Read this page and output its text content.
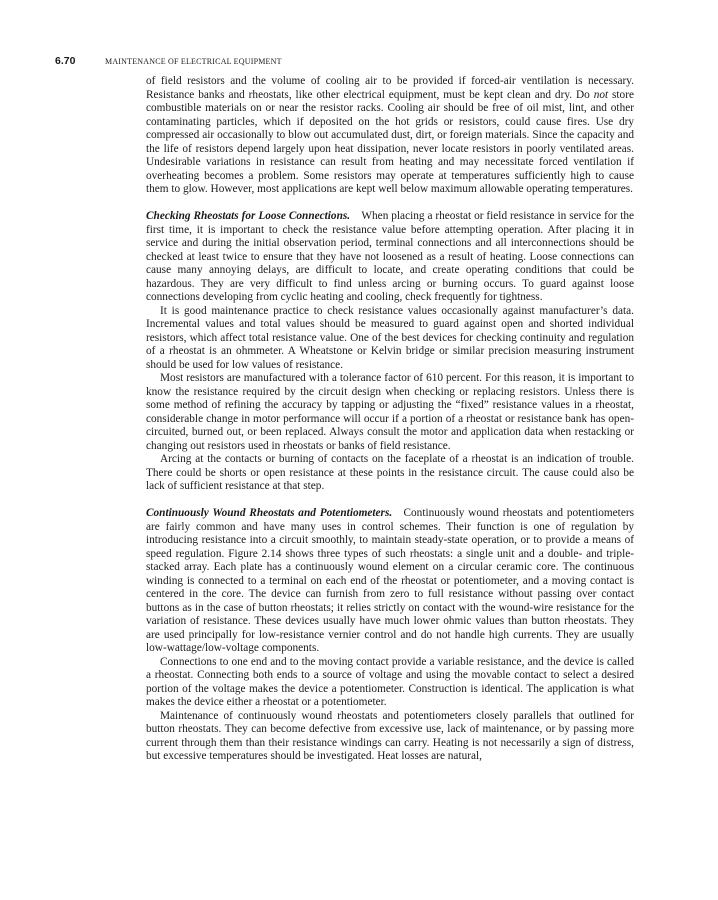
6.70	MAINTENANCE OF ELECTRICAL EQUIPMENT

of field resistors and the volume of cooling air to be provided if forced-air ventilation is necessary. Resistance banks and rheostats, like other electrical equipment, must be kept clean and dry. Do not store combustible materials on or near the resistor racks. Cooling air should be free of oil mist, lint, and other contaminating particles, which if deposited on the hot grids or resistors, could cause fires. Use dry compressed air occasionally to blow out accumulated dust, dirt, or foreign materials. Since the capacity and the life of resistors depend largely upon heat dissipation, never locate resistors in poorly ventilated areas. Undesirable variations in resistance can result from heating and may necessitate forced ventilation if overheating becomes a problem. Some resistors may operate at temperatures sufficiently high to cause them to glow. However, most applications are kept well below maximum allowable operating temperatures.

Checking Rheostats for Loose Connections.   When placing a rheostat or field resistance in service for the first time, it is important to check the resistance value before attempting operation. After placing it in service and during the initial observation period, terminal connections and all interconnections should be checked at least twice to ensure that they have not loosened as a result of heating. Loose connections can cause many annoying delays, are difficult to locate, and create operating conditions that could be hazardous. They are very difficult to find unless arcing or burning occurs. To guard against loose connections developing from cyclic heating and cooling, check frequently for tightness.

It is good maintenance practice to check resistance values occasionally against manufacturer’s data. Incremental values and total values should be measured to guard against open and shorted individual resistors, which affect total resistance value. One of the best devices for checking continuity and regulation of a rheostat is an ohmmeter. A Wheatstone or Kelvin bridge or similar precision measuring instrument should be used for low values of resistance.

Most resistors are manufactured with a tolerance factor of 610 percent. For this reason, it is important to know the resistance required by the circuit design when checking or replacing resistors. Unless there is some method of refining the accuracy by tapping or adjusting the “fixed” resistance values in a rheostat, considerable change in motor performance will occur if a portion of a rheostat or resistance bank has open-circuited, burned out, or been replaced. Always consult the motor and application data when restacking or changing out resistors used in rheostats or banks of field resistance.

Arcing at the contacts or burning of contacts on the faceplate of a rheostat is an indication of trouble. There could be shorts or open resistance at these points in the resistance circuit. The cause could also be lack of sufficient resistance at that step.

Continuously Wound Rheostats and Potentiometers.   Continuously wound rheostats and potentiometers are fairly common and have many uses in control schemes. Their function is one of regulation by introducing resistance into a circuit smoothly, to maintain steady-state operation, or to provide a means of speed regulation. Figure 2.14 shows three types of such rheostats: a single unit and a double- and triple-stacked array. Each plate has a continuously wound element on a circular ceramic core. The continuous winding is connected to a terminal on each end of the rheostat or potentiometer, and a moving contact is centered in the core. The device can furnish from zero to full resistance without passing over contact buttons as in the case of button rheostats; it relies strictly on contact with the wound-wire resistance for the variation of resistance. These devices usually have much lower ohmic values than button rheostats. They are used principally for low-resistance vernier control and do not handle high currents. They are usually low-wattage/low-voltage components.

Connections to one end and to the moving contact provide a variable resistance, and the device is called a rheostat. Connecting both ends to a source of voltage and using the movable contact to select a desired portion of the voltage makes the device a potentiometer. Construction is identical. The application is what makes the device either a rheostat or a potentiometer.

Maintenance of continuously wound rheostats and potentiometers closely parallels that outlined for button rheostats. They can become defective from excessive use, lack of maintenance, or by passing more current through them than their resistance windings can carry. Heating is not necessarily a sign of distress, but excessive temperatures should be investigated. Heat losses are natural,
